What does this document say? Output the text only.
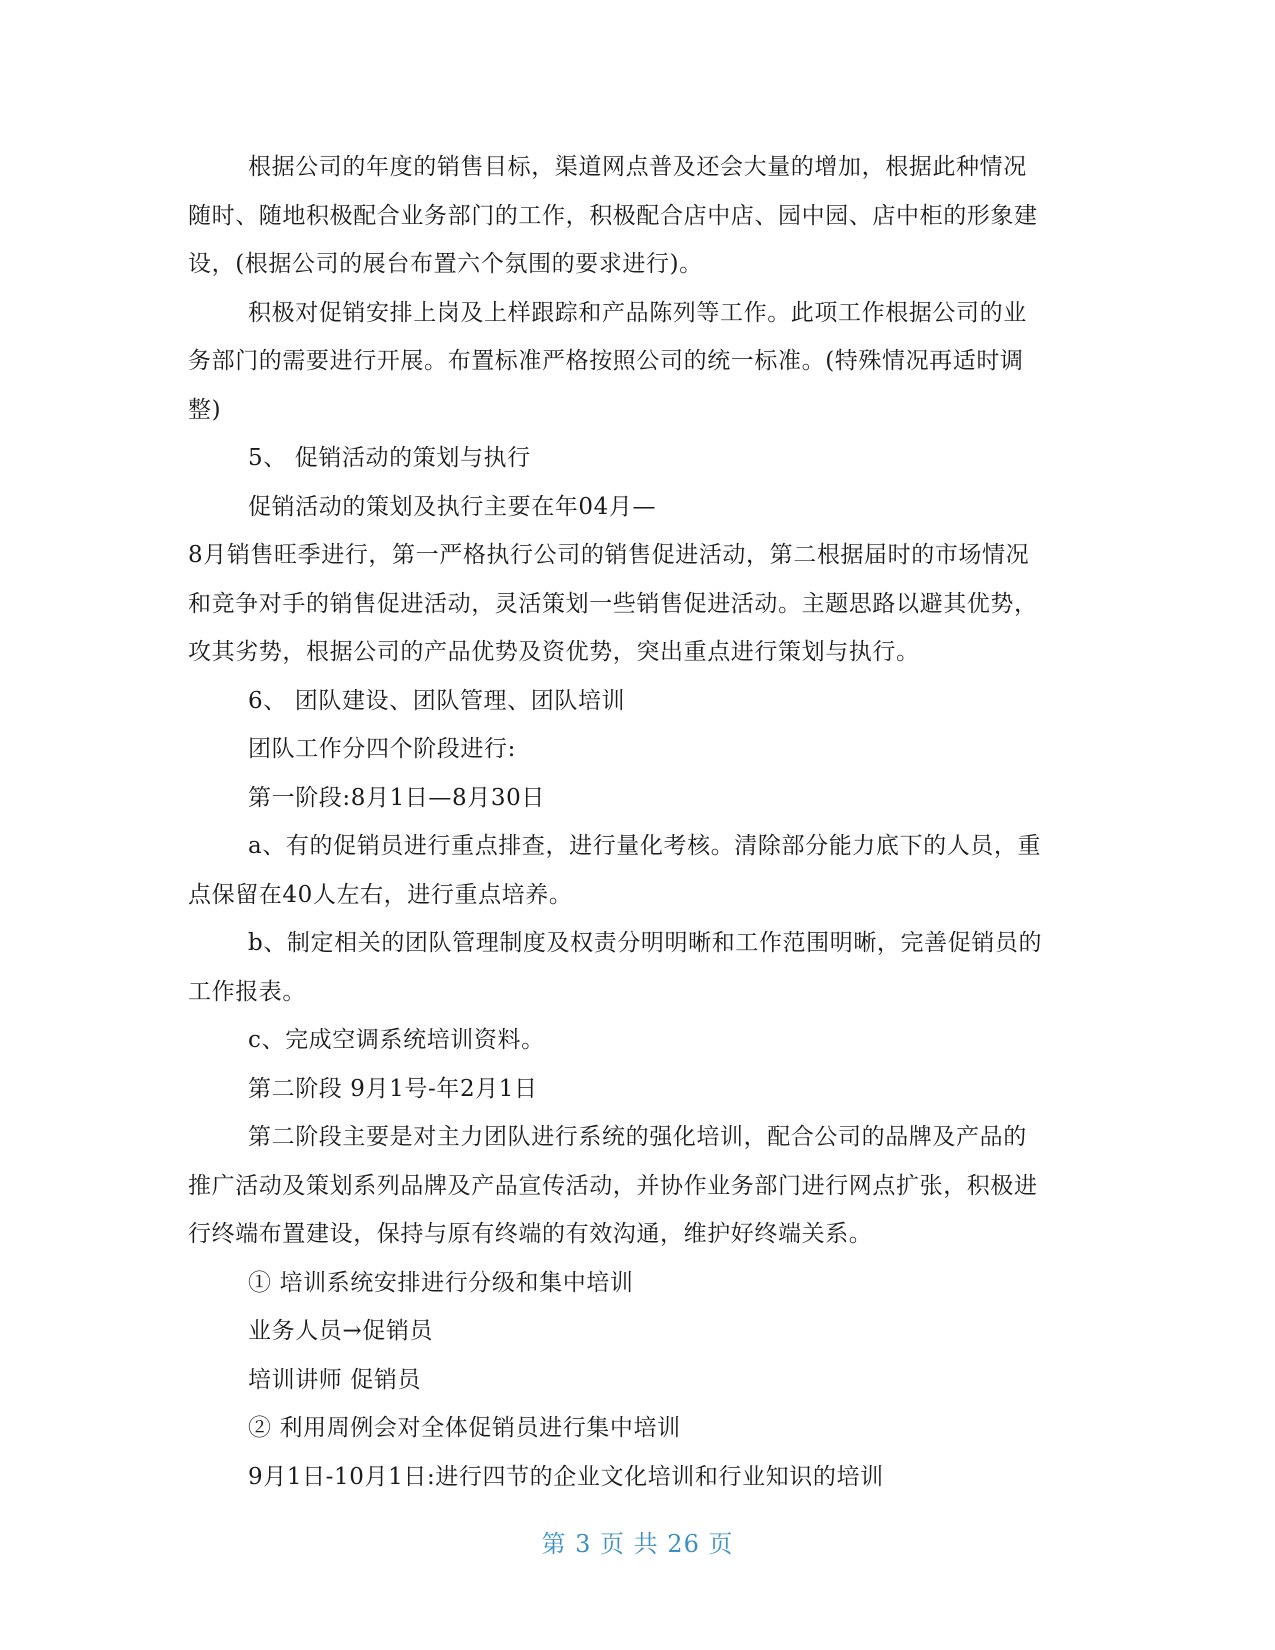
根据公司的年度的销售目标，渠道网点普及还会大量的增加，根据此种情况
随时、随地积极配合业务部门的工作，积极配合店中店、园中园、店中柜的形象建
设，(根据公司的展台布置六个氛围的要求进行)。
积极对促销安排上岗及上样跟踪和产品陈列等工作。此项工作根据公司的业
务部门的需要进行开展。布置标准严格按照公司的统一标准。(特殊情况再适时调
整)
5、 促销活动的策划与执行
促销活动的策划及执行主要在年04月—
8月销售旺季进行，第一严格执行公司的销售促进活动，第二根据届时的市场情况
和竞争对手的销售促进活动，灵活策划一些销售促进活动。主题思路以避其优势，
攻其劣势，根据公司的产品优势及资优势，突出重点进行策划与执行。
6、 团队建设、团队管理、团队培训
团队工作分四个阶段进行:
第一阶段:8月1日—8月30日
a、有的促销员进行重点排查，进行量化考核。清除部分能力底下的人员，重
点保留在40人左右，进行重点培养。
b、制定相关的团队管理制度及权责分明明晰和工作范围明晰，完善促销员的
工作报表。
c、完成空调系统培训资料。
第二阶段 9月1号-年2月1日
第二阶段主要是对主力团队进行系统的强化培训，配合公司的品牌及产品的
推广活动及策划系列品牌及产品宣传活动，并协作业务部门进行网点扩张，积极进
行终端布置建设，保持与原有终端的有效沟通，维护好终端关系。
① 培训系统安排进行分级和集中培训
业务人员→促销员
培训讲师 促销员
② 利用周例会对全体促销员进行集中培训
9月1日-10月1日:进行四节的企业文化培训和行业知识的培训
第 3 页 共 26 页
